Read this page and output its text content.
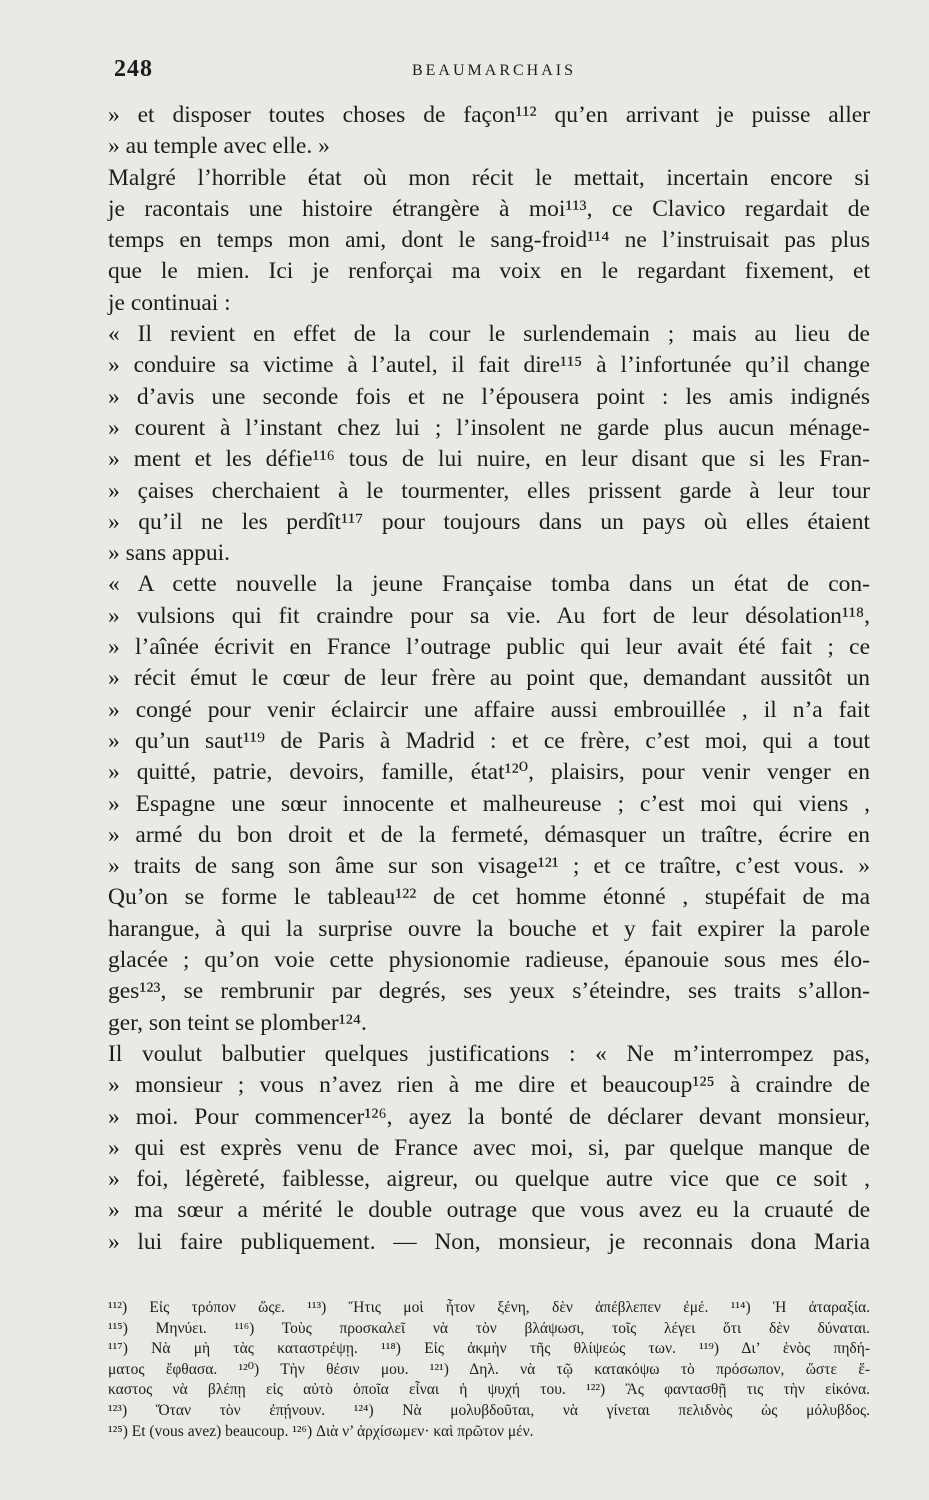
248	BEAUMARCHAIS
» et disposer toutes choses de façon¹¹² qu’en arrivant je puisse aller
» au temple avec elle. »
Malgré l’horrible état où mon récit le mettait, incertain encore si
je racontais une histoire étrangère à moi¹¹³, ce Clavico regardait de
temps en temps mon ami, dont le sang-froid¹¹⁴ ne l’instruisait pas plus
que le mien. Ici je renforçai ma voix en le regardant fixement, et
je continuai :
« Il revient en effet de la cour le surlendemain ; mais au lieu de
» conduire sa victime à l’autel, il fait dire¹¹⁵ à l’infortunée qu’il change
» d’avis une seconde fois et ne l’épousera point : les amis indignés
» courent à l’instant chez lui ; l’insolent ne garde plus aucun ménage-
» ment et les défie¹¹⁶ tous de lui nuire, en leur disant que si les Fran-
» çaises cherchaient à le tourmenter, elles prissent garde à leur tour
» qu’il ne les perdît¹¹⁷ pour toujours dans un pays où elles étaient
» sans appui.
« A cette nouvelle la jeune Française tomba dans un état de con-
» vulsions qui fit craindre pour sa vie. Au fort de leur désolation¹¹⁸,
» l’aînée écrivit en France l’outrage public qui leur avait été fait ; ce
» récit émut le cœur de leur frère au point que, demandant aussitôt un
» congé pour venir éclaircir une affaire aussi embrouillée , il n’a fait
» qu’un saut¹¹⁹ de Paris à Madrid : et ce frère, c’est moi, qui a tout
» quitté, patrie, devoirs, famille, état¹²⁰, plaisirs, pour venir venger en
» Espagne une sœur innocente et malheureuse ; c’est moi qui viens ,
» armé du bon droit et de la fermeté, démasquer un traître, écrire en
» traits de sang son âme sur son visage¹²¹ ; et ce traître, c’est vous. »
Qu’on se forme le tableau¹²² de cet homme étonné , stupéfait de ma
harangue, à qui la surprise ouvre la bouche et y fait expirer la parole
glacée ; qu’on voie cette physionomie radieuse, épanouie sous mes élo-
ges¹²³, se rembrunir par degrés, ses yeux s’éteindre, ses traits s’allon-
ger, son teint se plomber¹²⁴.
Il voulut balbutier quelques justifications : « Ne m’interrompez pas,
» monsieur ; vous n’avez rien à me dire et beaucoup¹²⁵ à craindre de
» moi. Pour commencer¹²⁶, ayez la bonté de déclarer devant monsieur,
» qui est exprès venu de France avec moi, si, par quelque manque de
» foi, légèreté, faiblesse, aigreur, ou quelque autre vice que ce soit ,
» ma sœur a mérité le double outrage que vous avez eu la cruauté de
» lui faire publiquement. — Non, monsieur, je reconnais dona Maria
¹¹²) Εἰς τρόπον ὥςε. ¹¹³) Ἥτις μοὶ ἦτον ξένη, δὲν ἀπέβλεπεν ἐμέ. ¹¹⁴) Ἡ ἀταραξία.
¹¹⁵) Μηνύει. ¹¹⁶) Τοὺς προσκαλεῖ νὰ τὸν βλάψωσι, τοῖς λέγει ὅτι δὲν δύναται.
¹¹⁷) Νὰ μὴ τὰς καταστρέψῃ. ¹¹⁸) Εἰς ἀκμὴν τῆς θλίψεώς των. ¹¹⁹) Δι’ ἑνὸς πηδή-
ματος ἔφθασα. ¹²⁰) Τὴν θέσιν μου. ¹²¹) Δηλ. νὰ τῷ κατακόψω τὸ πρόσωπον, ὥστε ἕ-
καστος νὰ βλέπῃ εἰς αὐτὸ ὁποῖα εἶναι ἡ ψυχή του. ¹²²) Ἂς φαντασθῇ τις τὴν εἰκόνα.
¹²³) Ὅταν τὸν ἐπῄνουν. ¹²⁴) Νὰ μολυβδοῦται, νὰ γίνεται πελιδνὸς ὡς μόλυβδος.
¹²⁵) Et (vous avez) beaucoup. ¹²⁶) Διὰ ν’ ἀρχίσωμεν· καὶ πρῶτον μέν.
